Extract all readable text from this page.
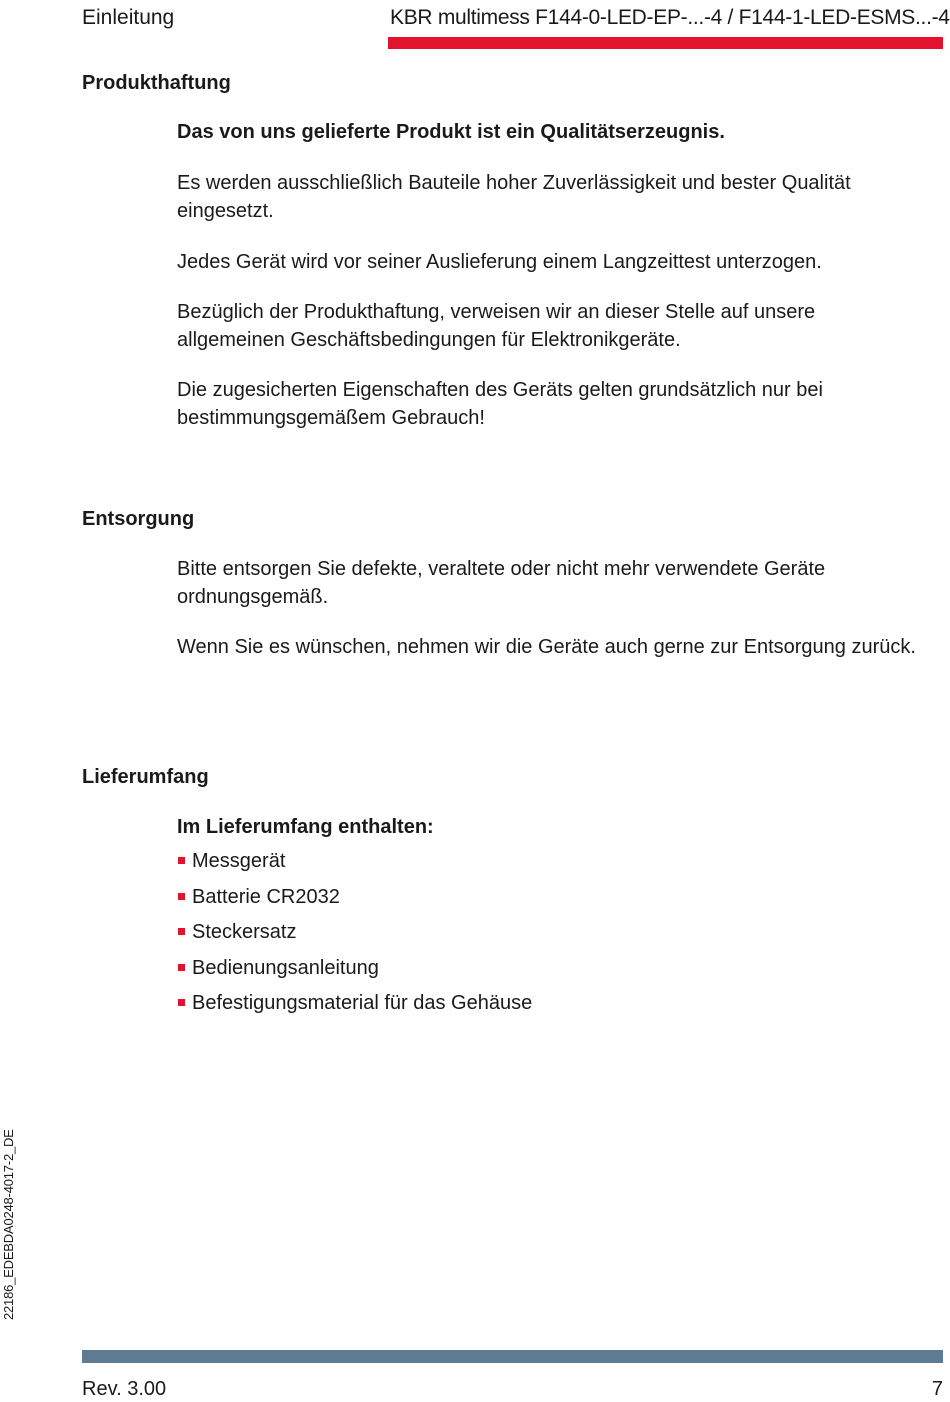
Einleitung	KBR multimess F144-0-LED-EP-...-4 / F144-1-LED-ESMS...-4
Produkthaftung

Das von uns gelieferte Produkt ist ein Qualitätserzeugnis.

Es werden ausschließlich Bauteile hoher Zuverlässigkeit und bester Qualität eingesetzt.

Jedes Gerät wird vor seiner Auslieferung einem Langzeittest unterzogen.

Bezüglich der Produkthaftung, verweisen wir an dieser Stelle auf unsere allgemeinen Geschäftsbedingungen für Elektronikgeräte.

Die zugesicherten Eigenschaften des Geräts gelten grundsätzlich nur bei bestimmungsgemäßem Gebrauch!

Entsorgung

Bitte entsorgen Sie defekte, veraltete oder nicht mehr verwendete Geräte ordnungsgemäß.

Wenn Sie es wünschen, nehmen wir die Geräte auch gerne zur Entsorgung zurück.

Lieferumfang

Im Lieferumfang enthalten:

Messgerät
Batterie CR2032
Steckersatz
Bedienungsanleitung
Befestigungsmaterial für das Gehäuse
22186_EDEBDA0248-4017-2_DE
Rev. 3.00	7
